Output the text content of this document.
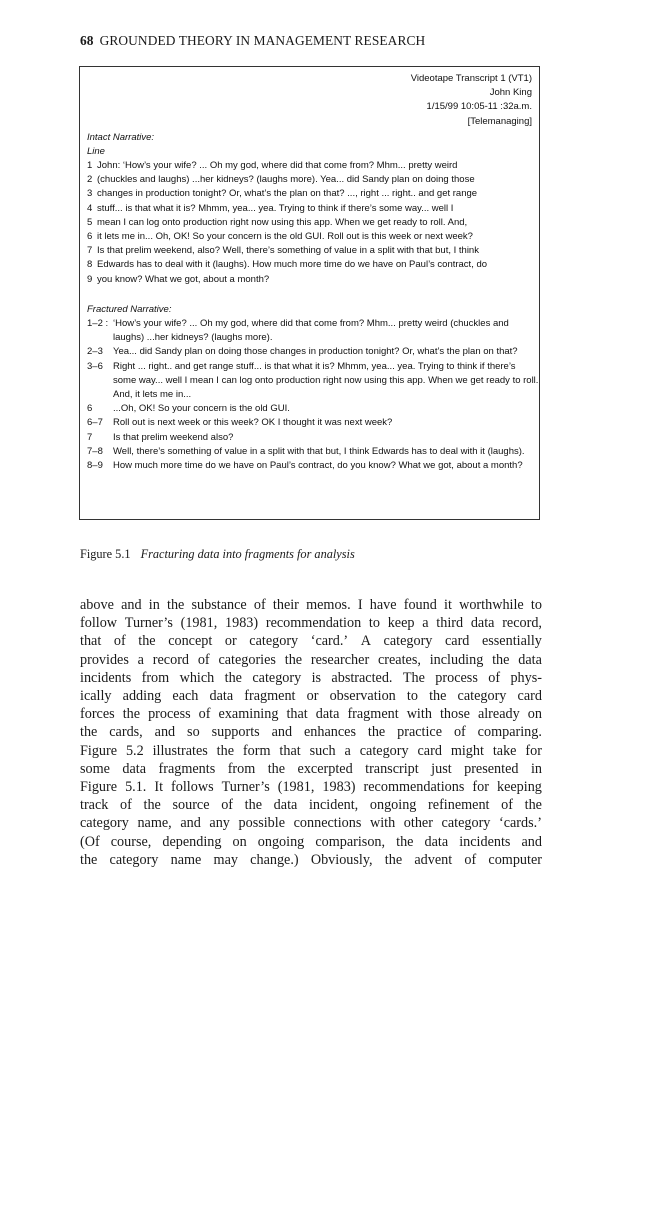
68 GROUNDED THEORY IN MANAGEMENT RESEARCH
Videotape Transcript 1 (VT1)
John King
1/15/99 10:05-11 :32a.m.
[Telemanaging]
Intact Narrative:
Line
1 John: ‘How’s your wife? ... Oh my god, where did that come from? Mhm... pretty weird
2 (chuckles and laughs) ...her kidneys? (laughs more). Yea... did Sandy plan on doing those
3 changes in production tonight? Or, what’s the plan on that? ..., right ... right.. and get range
4 stuff... is that what it is? Mhmm, yea... yea. Trying to think if there’s some way... well I
5 mean I can log onto production right now using this app. When we get ready to roll. And,
6 it lets me in... Oh, OK! So your concern is the old GUI. Roll out is this week or next week?
7 Is that prelim weekend, also? Well, there’s something of value in a split with that but, I think
8 Edwards has to deal with it (laughs). How much more time do we have on Paul’s contract, do
9 you know? What we got, about a month?
Fractured Narrative:
1–2 : ‘How’s your wife? ... Oh my god, where did that come from? Mhm... pretty weird (chuckles and laughs) ...her kidneys? (laughs more).
2–3	Yea... did Sandy plan on doing those changes in production tonight? Or, what’s the plan on that?
3–6	Right ... right.. and get range stuff... is that what it is? Mhmm, yea... yea. Trying to think if there’s some way... well I mean I can log onto production right now using this app. When we get ready to roll. And, it lets me in...
6	...Oh, OK! So your concern is the old GUI.
6–7	Roll out is next week or this week? OK I thought it was next week?
7	Is that prelim weekend also?
7–8	Well, there’s something of value in a split with that but, I think Edwards has to deal with it (laughs).
8–9	How much more time do we have on Paul’s contract, do you know? What we got, about a month?
Figure 5.1 Fracturing data into fragments for analysis
above and in the substance of their memos. I have found it worthwhile to
follow Turner’s (1981, 1983) recommendation to keep a third data record,
that of the concept or category ‘card.’ A category card essentially
provides a record of categories the researcher creates, including the data
incidents from which the category is abstracted. The process of phys-
ically adding each data fragment or observation to the category card
forces the process of examining that data fragment with those already on
the cards, and so supports and enhances the practice of comparing.
Figure 5.2 illustrates the form that such a category card might take for
some data fragments from the excerpted transcript just presented in
Figure 5.1. It follows Turner’s (1981, 1983) recommendations for keeping
track of the source of the data incident, ongoing refinement of the
category name, and any possible connections with other category ‘cards.’
(Of course, depending on ongoing comparison, the data incidents and
the category name may change.) Obviously, the advent of computer
